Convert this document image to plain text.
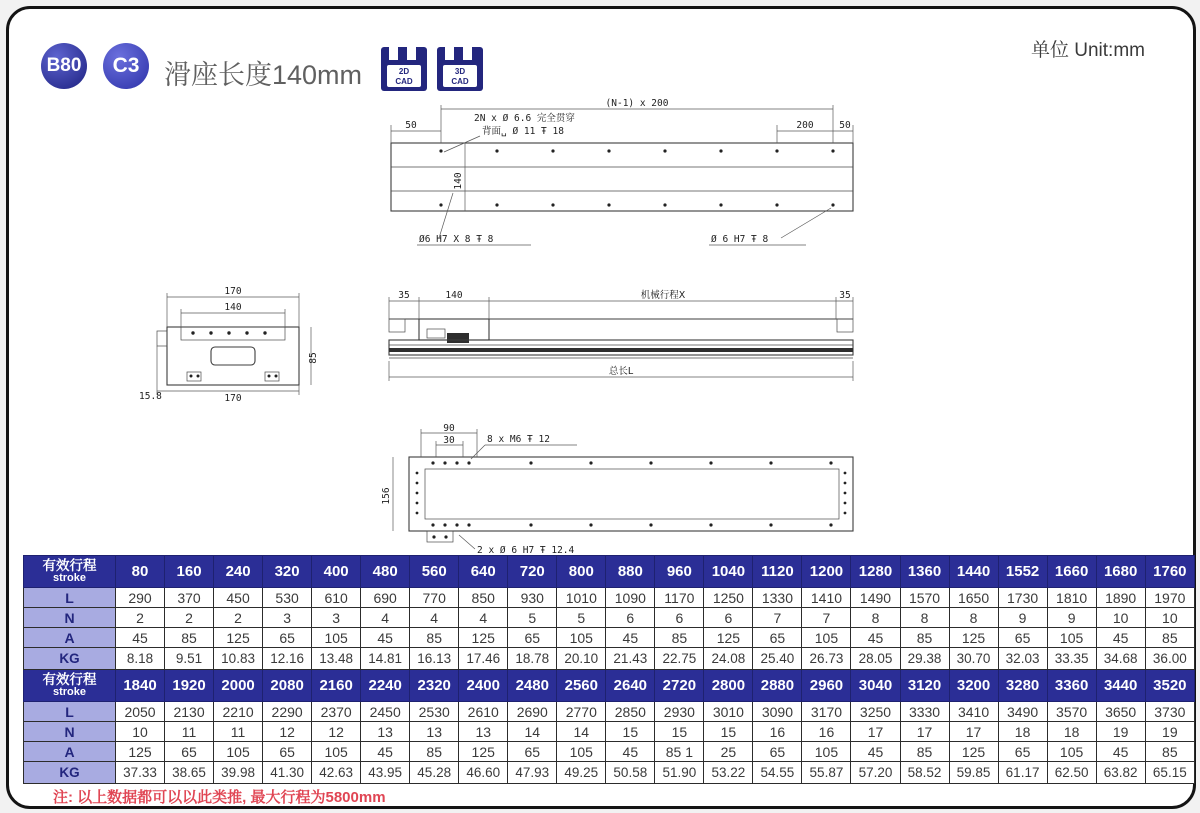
B80 C3 滑座长度140mm
单位 Unit:mm
2D
CAD
3D
CAD
(N-1) x 200
50	200	50
2N x Ø 6.6 完全贯穿
背面␣ Ø 11 Ŧ 18
140
Ø6 H7 X 8 Ŧ 8	Ø 6 H7 Ŧ 8
170
140
85
15.8	170
35	140	机械行程X	35
总长L
90
30	8 x M6 Ŧ 12
156
2 x Ø 6 H7 Ŧ 12.4
有效行程
stroke	80	160	240	320	400	480	560	640	720	800	880	960	1040	1120	1200	1280	1360	1440	1552	1660	1680	1760
L	290	370	450	530	610	690	770	850	930	1010	1090	1170	1250	1330	1410	1490	1570	1650	1730	1810	1890	1970
N	2	2	2	3	3	4	4	4	5	5	6	6	6	7	7	8	8	8	9	9	10	10
A	45	85	125	65	105	45	85	125	65	105	45	85	125	65	105	45	85	125	65	105	45	85
KG	8.18	9.51	10.83	12.16	13.48	14.81	16.13	17.46	18.78	20.10	21.43	22.75	24.08	25.40	26.73	28.05	29.38	30.70	32.03	33.35	34.68	36.00

有效行程
stroke	1840	1920	2000	2080	2160	2240	2320	2400	2480	2560	2640	2720	2800	2880	2960	3040	3120	3200	3280	3360	3440	3520
L	2050	2130	2210	2290	2370	2450	2530	2610	2690	2770	2850	2930	3010	3090	3170	3250	3330	3410	3490	3570	3650	3730
N	10	11	11	12	12	13	13	13	14	14	15	15	15	16	16	17	17	17	18	18	19	19
A	125	65	105	65	105	45	85	125	65	105	45	85 1	25	65	105	45	85	125	65	105	45	85
KG	37.33	38.65	39.98	41.30	42.63	43.95	45.28	46.60	47.93	49.25	50.58	51.90	53.22	54.55	55.87	57.20	58.52	59.85	61.17	62.50	63.82	65.15
注: 以上数据都可以以此类推, 最大行程为5800mm
